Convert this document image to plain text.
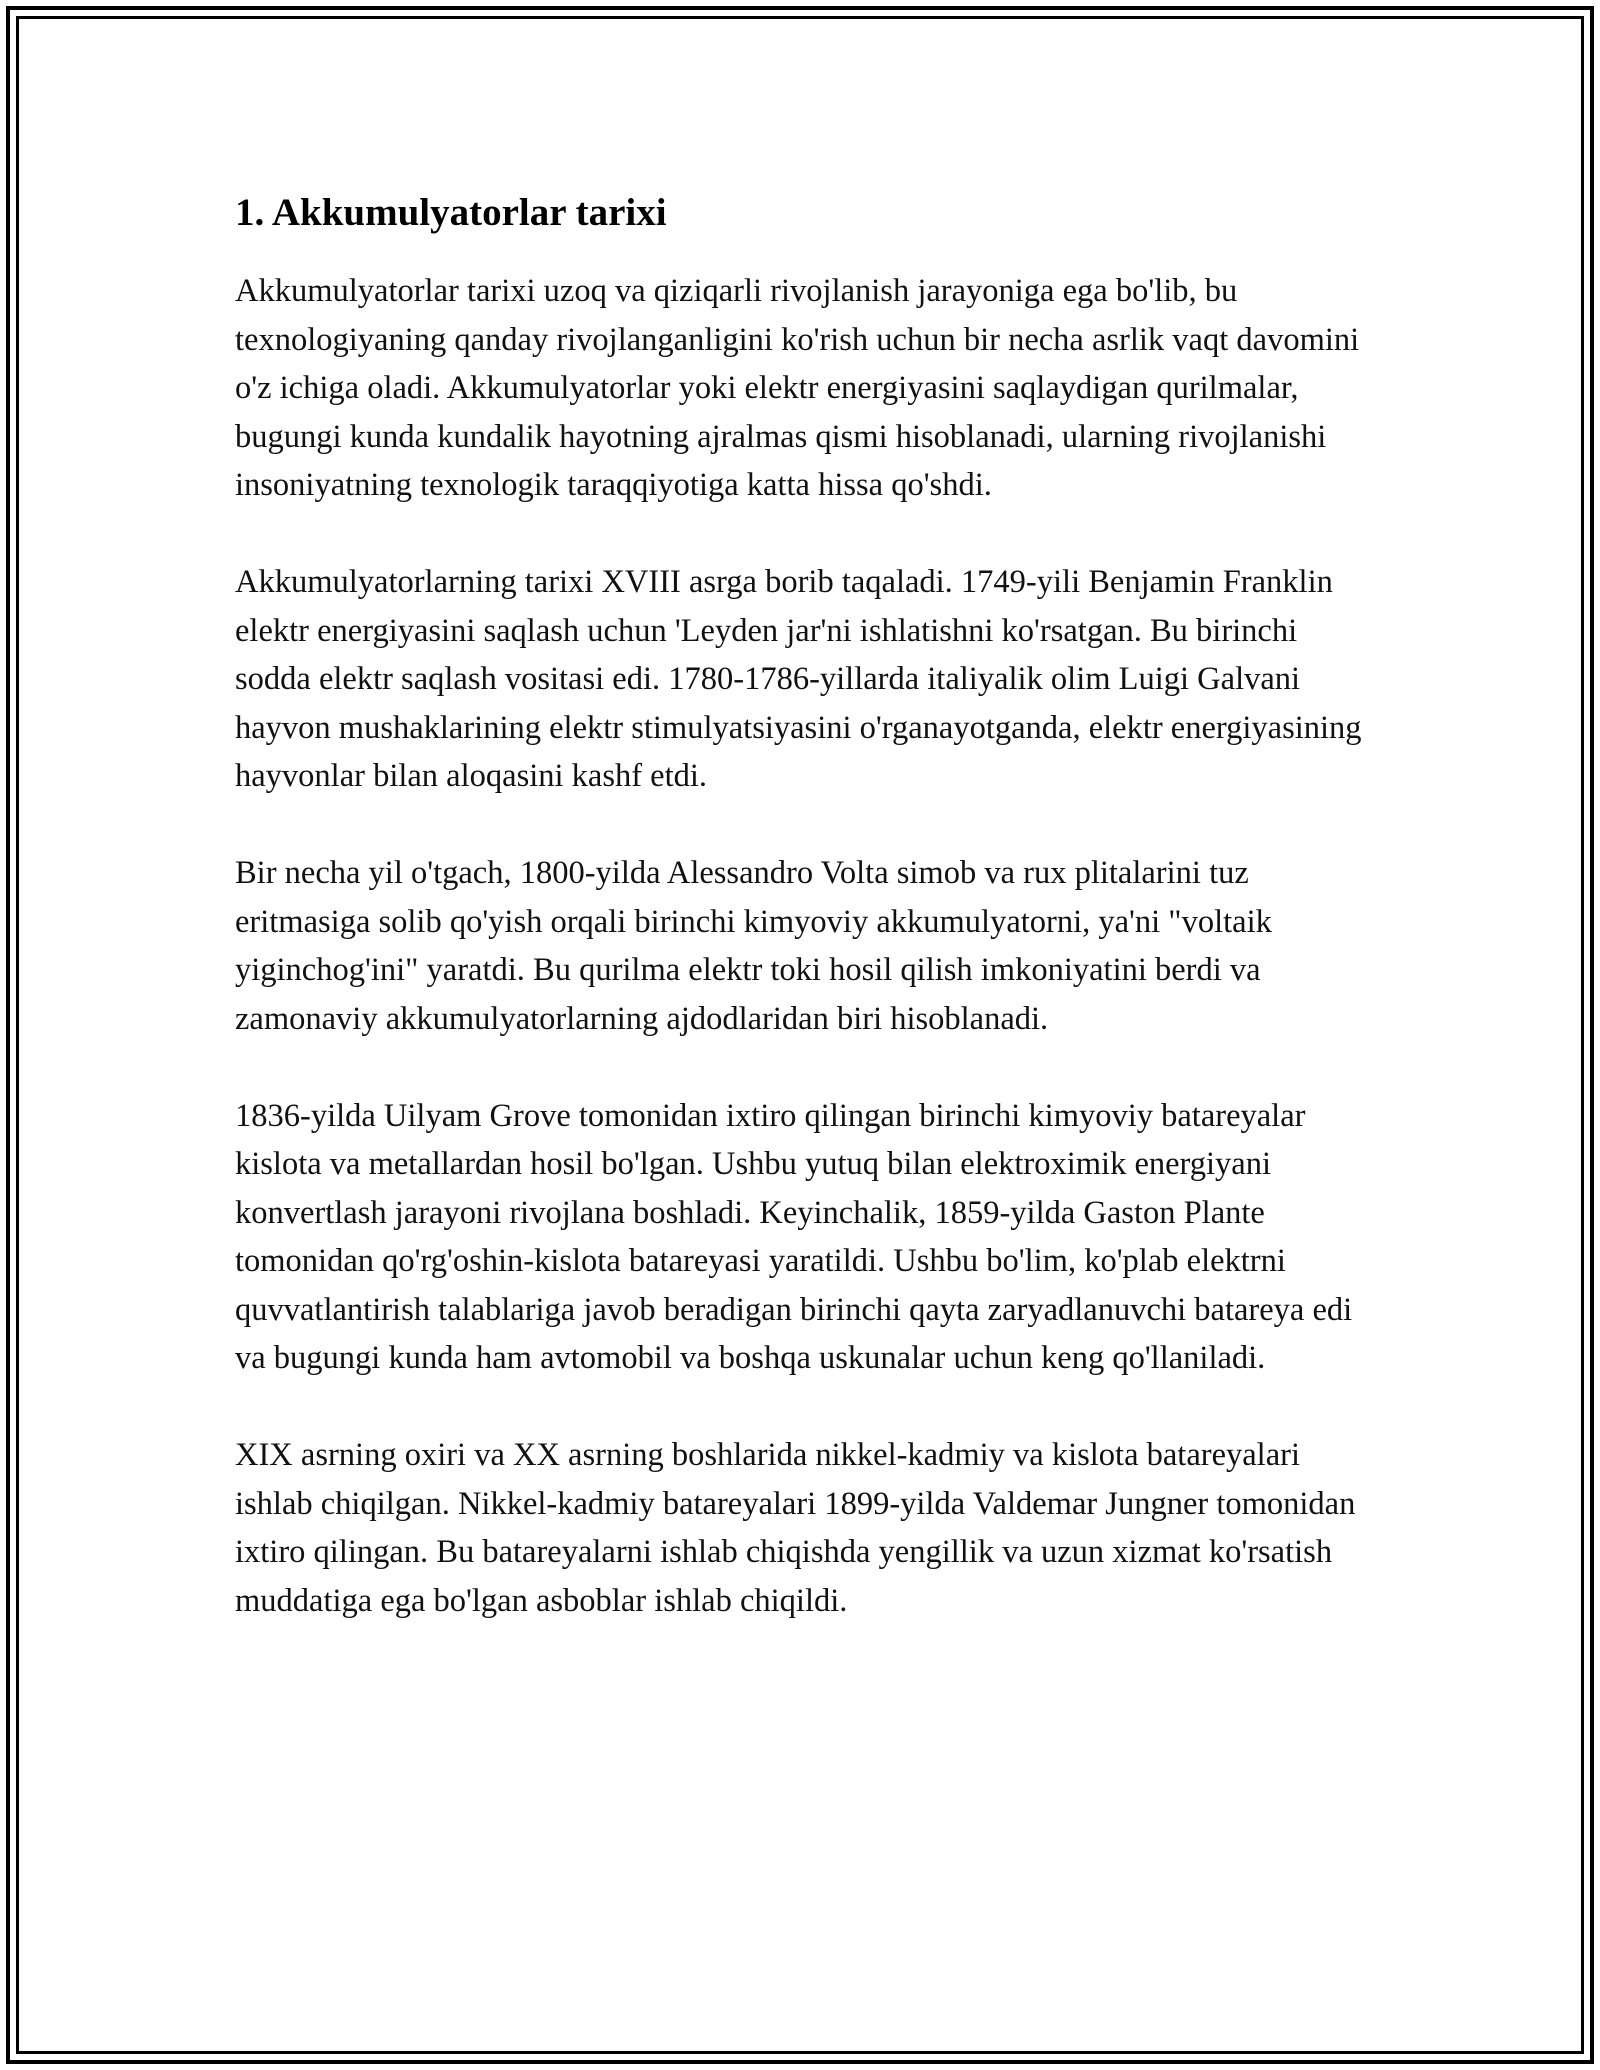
1. Akkumulyatorlar tarixi

Akkumulyatorlar tarixi uzoq va qiziqarli rivojlanish jarayoniga ega bo'lib, bu texnologiyaning qanday rivojlanganligini ko'rish uchun bir necha asrlik vaqt davomini o'z ichiga oladi. Akkumulyatorlar yoki elektr energiyasini saqlaydigan qurilmalar, bugungi kunda kundalik hayotning ajralmas qismi hisoblanadi, ularning rivojlanishi insoniyatning texnologik taraqqiyotiga katta hissa qo'shdi.

Akkumulyatorlarning tarixi XVIII asrga borib taqaladi. 1749-yili Benjamin Franklin elektr energiyasini saqlash uchun 'Leyden jar'ni ishlatishni ko'rsatgan. Bu birinchi sodda elektr saqlash vositasi edi. 1780-1786-yillarda italiyalik olim Luigi Galvani hayvon mushaklarining elektr stimulyatsiyasini o'rganayotganda, elektr energiyasining hayvonlar bilan aloqasini kashf etdi.

Bir necha yil o'tgach, 1800-yilda Alessandro Volta simob va rux plitalarini tuz eritmasiga solib qo'yish orqali birinchi kimyoviy akkumulyatorni, ya'ni "voltaik yiginchog'ini" yaratdi. Bu qurilma elektr toki hosil qilish imkoniyatini berdi va zamonaviy akkumulyatorlarning ajdodlaridan biri hisoblanadi.

1836-yilda Uilyam Grove tomonidan ixtiro qilingan birinchi kimyoviy batareyalar kislota va metallardan hosil bo'lgan. Ushbu yutuq bilan elektroximik energiyani konvertlash jarayoni rivojlana boshladi. Keyinchalik, 1859-yilda Gaston Plante tomonidan qo'rg'oshin-kislota batareyasi yaratildi. Ushbu bo'lim, ko'plab elektrni quvvatlantirish talablariga javob beradigan birinchi qayta zaryadlanuvchi batareya edi va bugungi kunda ham avtomobil va boshqa uskunalar uchun keng qo'llaniladi.

XIX asrning oxiri va XX asrning boshlarida nikkel-kadmiy va kislota batareyalari ishlab chiqilgan. Nikkel-kadmiy batareyalari 1899-yilda Valdemar Jungner tomonidan ixtiro qilingan. Bu batareyalarni ishlab chiqishda yengillik va uzun xizmat ko'rsatish muddatiga ega bo'lgan asboblar ishlab chiqildi.
